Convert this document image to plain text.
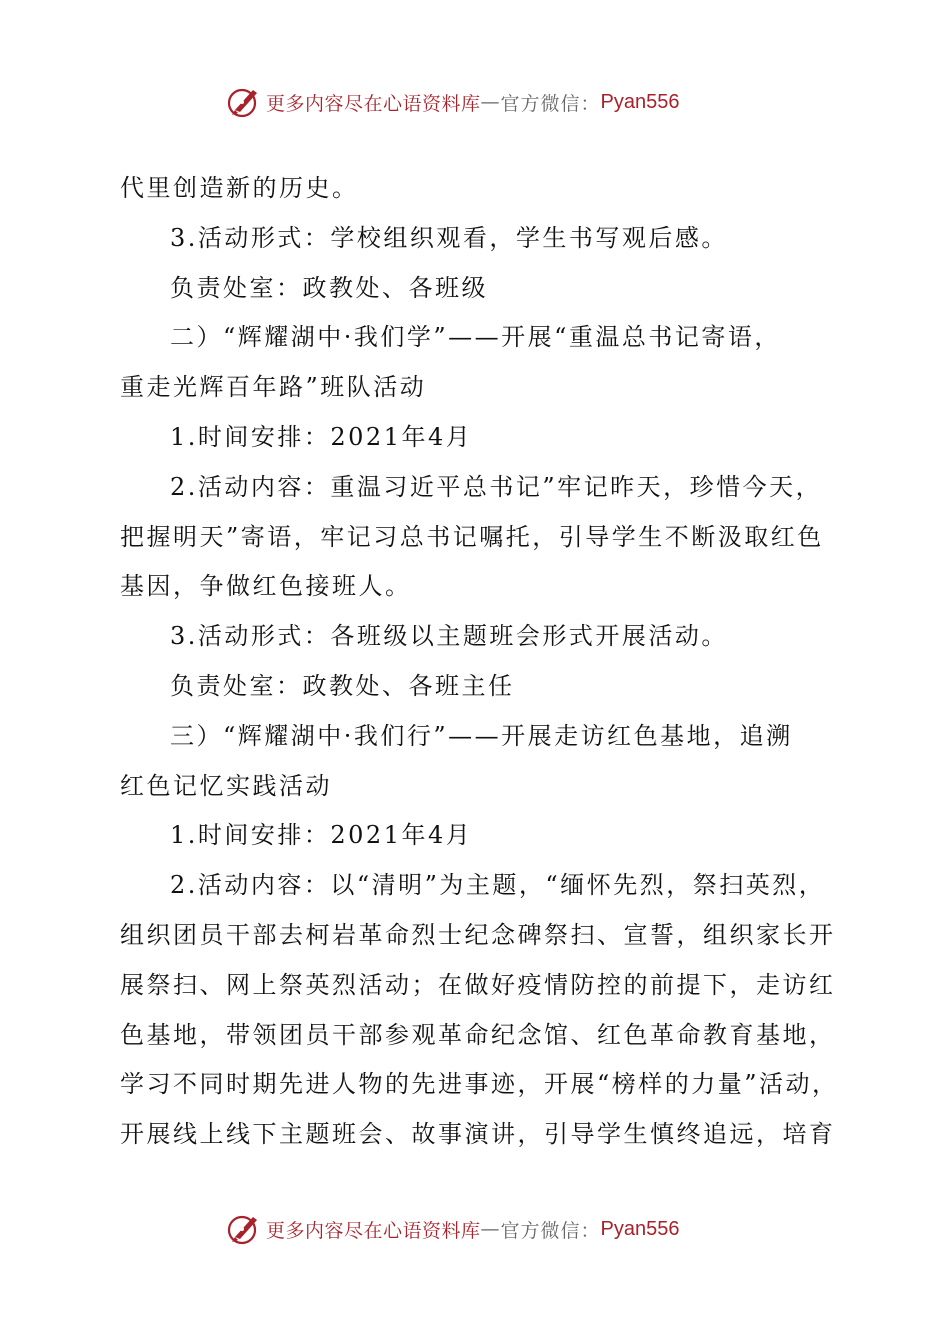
更多内容尽在心语资料库 — 官方微信： Pyan556
代里创造新的历史。
3.活动形式：学校组织观看，学生书写观后感。
负责处室：政教处、各班级
二）“辉耀湖中·我们学”——开展“重温总书记寄语，
重走光辉百年路”班队活动
1.时间安排：2021年4月
2.活动内容：重温习近平总书记”牢记昨天，珍惜今天，
把握明天”寄语，牢记习总书记嘱托，引导学生不断汲取红色
基因，争做红色接班人。
3.活动形式：各班级以主题班会形式开展活动。
负责处室：政教处、各班主任
三）“辉耀湖中·我们行”——开展走访红色基地，追溯
红色记忆实践活动
1.时间安排：2021年4月
2.活动内容：以“清明”为主题，“缅怀先烈，祭扫英烈，
组织团员干部去柯岩革命烈士纪念碑祭扫、宣誓，组织家长开
展祭扫、网上祭英烈活动；在做好疫情防控的前提下，走访红
色基地，带领团员干部参观革命纪念馆、红色革命教育基地，
学习不同时期先进人物的先进事迹，开展“榜样的力量”活动，
开展线上线下主题班会、故事演讲，引导学生慎终追远，培育
更多内容尽在心语资料库 — 官方微信： Pyan556
